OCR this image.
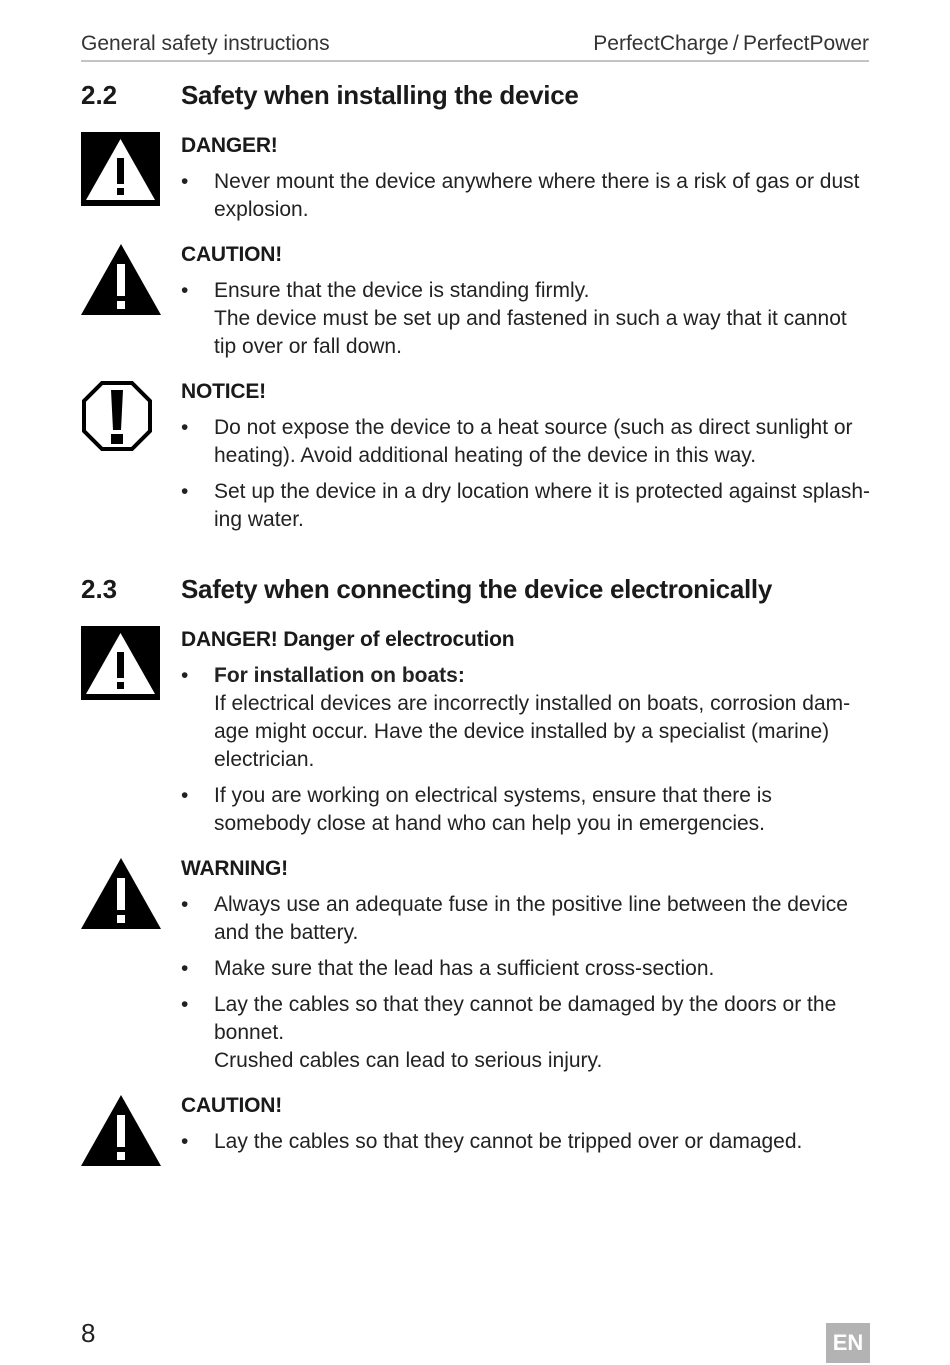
General safety instructions	PerfectCharge / PerfectPower
2.2	Safety when installing the device
DANGER!
• Never mount the device anywhere where there is a risk of gas or dust explosion.
CAUTION!
• Ensure that the device is standing firmly.
The device must be set up and fastened in such a way that it cannot tip over or fall down.
NOTICE!
• Do not expose the device to a heat source (such as direct sunlight or heating). Avoid additional heating of the device in this way.
• Set up the device in a dry location where it is protected against splashing water.
2.3	Safety when connecting the device electronically
DANGER! Danger of electrocution
• For installation on boats:
If electrical devices are incorrectly installed on boats, corrosion damage might occur. Have the device installed by a specialist (marine) electrician.
• If you are working on electrical systems, ensure that there is somebody close at hand who can help you in emergencies.
WARNING!
• Always use an adequate fuse in the positive line between the device and the battery.
• Make sure that the lead has a sufficient cross-section.
• Lay the cables so that they cannot be damaged by the doors or the bonnet.
Crushed cables can lead to serious injury.
CAUTION!
• Lay the cables so that they cannot be tripped over or damaged.
8	EN
